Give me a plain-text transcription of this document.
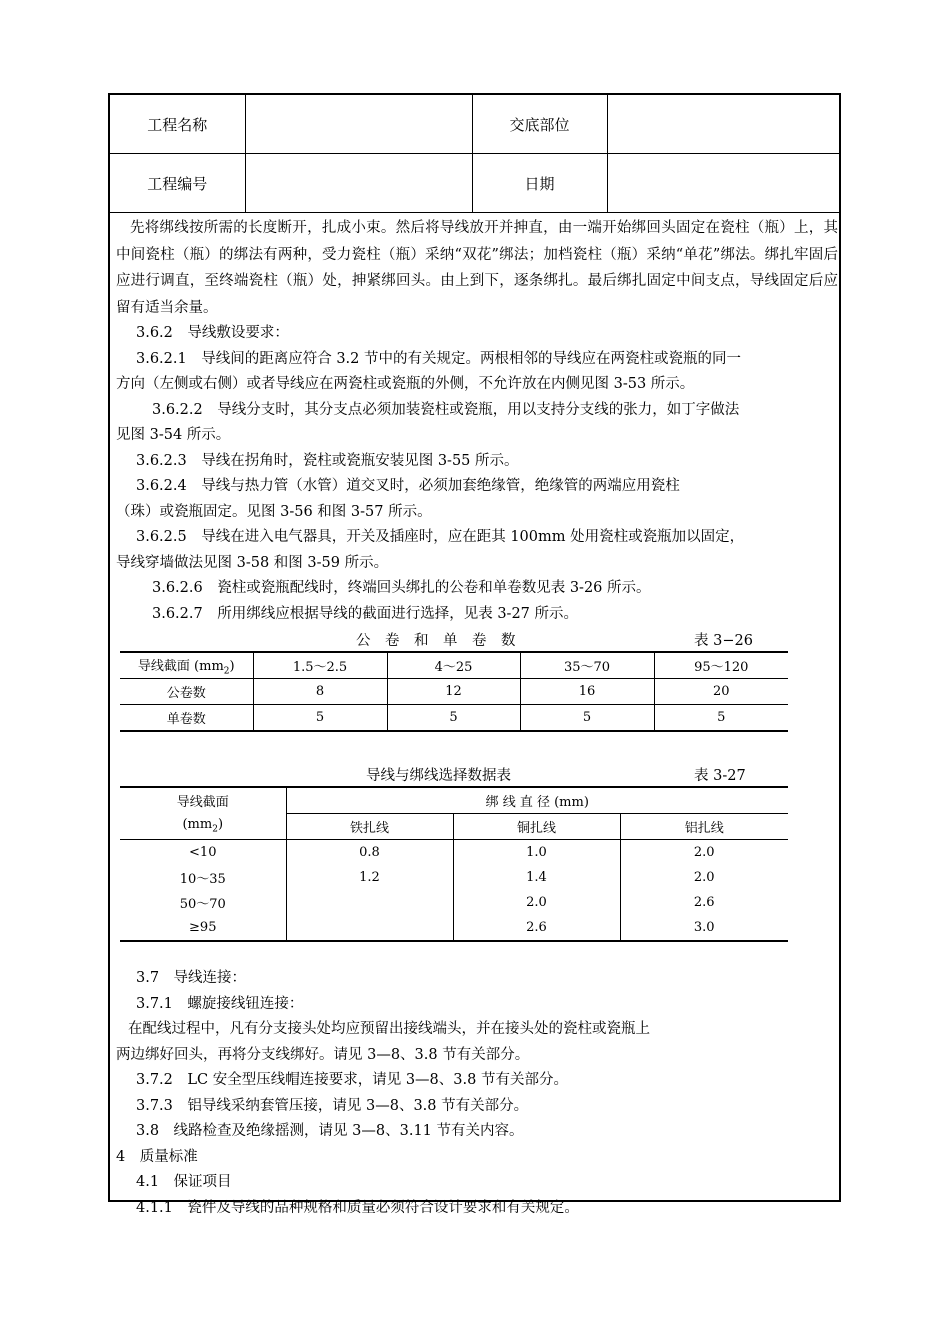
工程名称		交底部位	
工程编号		日期	
先将绑线按所需的长度断开，扎成小束。然后将导线放开并抻直，由一端开始绑回头固定在瓷柱（瓶）上，其中间瓷柱（瓶）的绑法有两种，受力瓷柱（瓶）采纳“双花”绑法；加档瓷柱（瓶）采纳“单花”绑法。绑扎牢固后应进行调直，至终端瓷柱（瓶）处，抻紧绑回头。由上到下，逐条绑扎。最后绑扎固定中间支点，导线固定后应留有适当余量。
3.6.2　导线敷设要求：
3.6.2.1　导线间的距离应符合 3.2 节中的有关规定。两根相邻的导线应在两瓷柱或瓷瓶的同一
方向（左侧或右侧）或者导线应在两瓷柱或瓷瓶的外侧，不允许放在内侧见图 3-53 所示。
3.6.2.2　导线分支时，其分支点必须加装瓷柱或瓷瓶，用以支持分支线的张力，如丁字做法
见图 3-54 所示。
3.6.2.3　导线在拐角时，瓷柱或瓷瓶安装见图 3-55 所示。
3.6.2.4　导线与热力管（水管）道交叉时，必须加套绝缘管，绝缘管的两端应用瓷柱
（珠）或瓷瓶固定。见图 3-56 和图 3-57 所示。
3.6.2.5　导线在进入电气器具，开关及插座时，应在距其 100mm 处用瓷柱或瓷瓶加以固定，
导线穿墙做法见图 3-58 和图 3-59 所示。
3.6.2.6　瓷柱或瓷瓶配线时，终端回头绑扎的公卷和单卷数见表 3-26 所示。
3.6.2.7　所用绑线应根据导线的截面进行选择，见表 3-27 所示。
公　卷　和　单　卷　数	表 3−26
导线截面 $(mm_2)$	1.5～2.5	4～25	35～70	95～120
公卷数	8	12	16	20
单卷数	5	5	5	5
导线与绑线选择数据表	表 3-27
导线截面	绑 线 直 径 (mm)		
$(mm_2)$	铁扎线	铜扎线	铝扎线
<10	0.8	1.0	2.0
10～35	1.2	1.4	2.0
50～70		2.0	2.6
≥95		2.6	3.0
3.7　导线连接：
3.7.1　螺旋接线钮连接：
在配线过程中，凡有分支接头处均应预留出接线端头，并在接头处的瓷柱或瓷瓶上
两边绑好回头，再将分支线绑好。请见 3—8、3.8 节有关部分。
3.7.2　LC 安全型压线帽连接要求，请见 3—8、3.8 节有关部分。
3.7.3　铝导线采纳套管压接，请见 3—8、3.8 节有关部分。
3.8　线路检查及绝缘摇测，请见 3—8、3.11 节有关内容。
4　质量标准
4.1　保证项目
4.1.1　瓷件及导线的品种规格和质量必须符合设计要求和有关规定。
